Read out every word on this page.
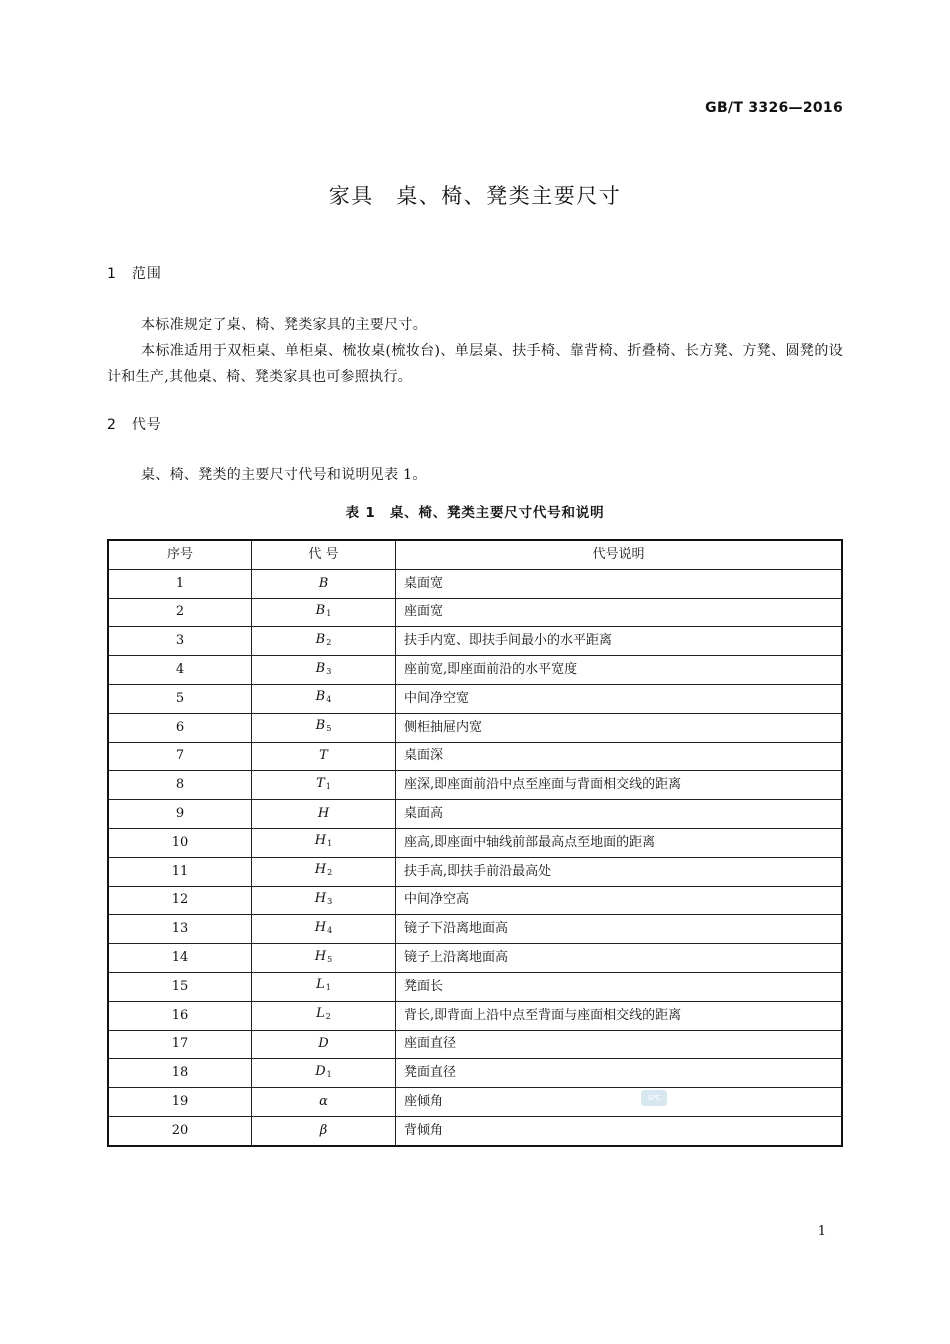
GB/T 3326—2016
家具　桌、椅、凳类主要尺寸
1　范围

本标准规定了桌、椅、凳类家具的主要尺寸。

本标准适用于双柜桌、单柜桌、梳妆桌(梳妆台)、单层桌、扶手椅、靠背椅、折叠椅、长方凳、方凳、圆凳的设计和生产,其他桌、椅、凳类家具也可参照执行。

2　代号

桌、椅、凳类的主要尺寸代号和说明见表 1。

表 1　桌、椅、凳类主要尺寸代号和说明
序号	代 号	代号说明
1	B	桌面宽
2	$B_1$	座面宽
3	$B_2$	扶手内宽、即扶手间最小的水平距离
4	$B_3$	座前宽,即座面前沿的水平宽度
5	$B_4$	中间净空宽
6	$B_5$	侧柜抽屉内宽
7	T	桌面深
8	$T_1$	座深,即座面前沿中点至座面与背面相交线的距离
9	H	桌面高
10	$H_1$	座高,即座面中轴线前部最高点至地面的距离
11	$H_2$	扶手高,即扶手前沿最高处
12	$H_3$	中间净空高
13	$H_4$	镜子下沿离地面高
14	$H_5$	镜子上沿离地面高
15	$L_1$	凳面长
16	$L_2$	背长,即背面上沿中点至背面与座面相交线的距离
17	D	座面直径
18	$D_1$	凳面直径
19	α	座倾角
20	β	背倾角
SPC
1
